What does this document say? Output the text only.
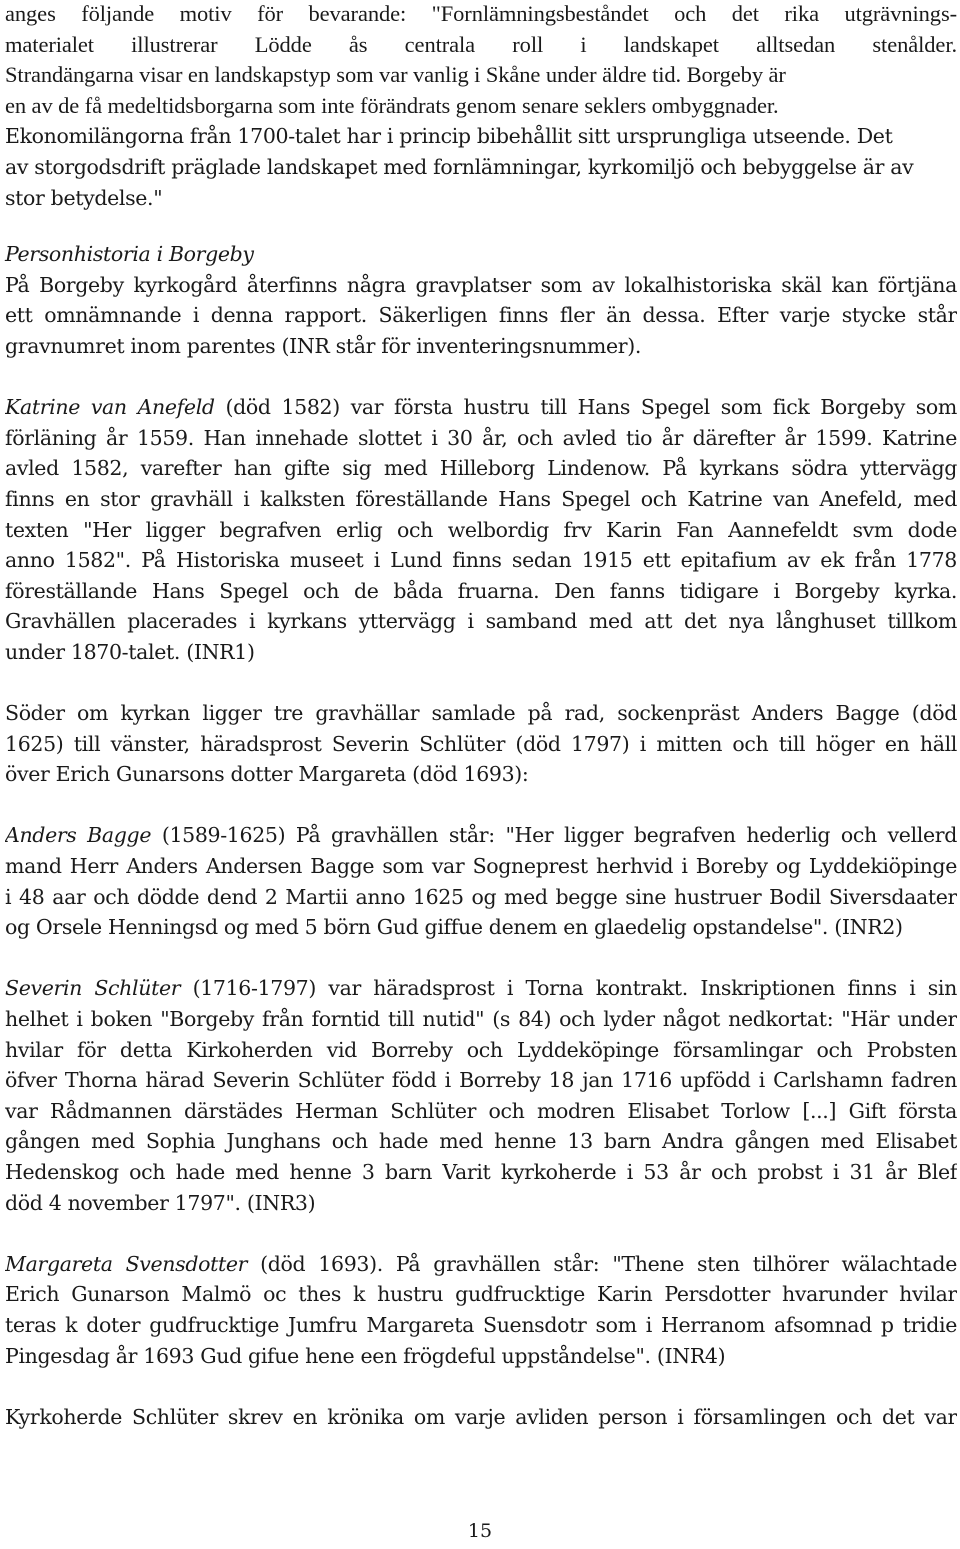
anges följande motiv för bevarande: "Fornlämningsbeståndet och det rika utgrävnings-
materialet illustrerar Lödde ås centrala roll i landskapet alltsedan stenålder.
Strandängarna visar en landskapstyp som var vanlig i Skåne under äldre tid. Borgeby är
en av de få medeltidsborgarna som inte förändrats genom senare seklers ombyggnader.
Ekonomilängorna från 1700-talet har i princip bibehållit sitt ursprungliga utseende. Det
av storgodsdrift präglade landskapet med fornlämningar, kyrkomiljö och bebyggelse är av
stor betydelse."
Personhistoria i Borgeby
På Borgeby kyrkogård återfinns några gravplatser som av lokalhistoriska skäl kan förtjäna
ett omnämnande i denna rapport. Säkerligen finns fler än dessa. Efter varje stycke står
gravnumret inom parentes (INR står för inventeringsnummer).
Katrine van Anefeld (död 1582) var första hustru till Hans Spegel som fick Borgeby som
förläning år 1559. Han innehade slottet i 30 år, och avled tio år därefter år 1599. Katrine
avled 1582, varefter han gifte sig med Hilleborg Lindenow. På kyrkans södra yttervägg
finns en stor gravhäll i kalksten föreställande Hans Spegel och Katrine van Anefeld, med
texten "Her ligger begrafven erlig och welbordig frv Karin Fan Aannefeldt svm dode
anno 1582". På Historiska museet i Lund finns sedan 1915 ett epitafium av ek från 1778
föreställande Hans Spegel och de båda fruarna. Den fanns tidigare i Borgeby kyrka.
Gravhällen placerades i kyrkans yttervägg i samband med att det nya långhuset tillkom
under 1870-talet. (INR1)
Söder om kyrkan ligger tre gravhällar samlade på rad, sockenpräst Anders Bagge (död
1625) till vänster, häradsprost Severin Schlüter (död 1797) i mitten och till höger en häll
över Erich Gunarsons dotter Margareta (död 1693):
Anders Bagge (1589-1625) På gravhällen står: "Her ligger begrafven hederlig och vellerd
mand Herr Anders Andersen Bagge som var Sogneprest herhvid i Boreby og Lyddekiöpinge
i 48 aar och dödde dend 2 Martii anno 1625 og med begge sine hustruer Bodil Siversdaater
og Orsele Henningsd og med 5 börn Gud giffue denem en glaedelig opstandelse". (INR2)
Severin Schlüter (1716-1797) var häradsprost i Torna kontrakt. Inskriptionen finns i sin
helhet i boken "Borgeby från forntid till nutid" (s 84) och lyder något nedkortat: "Här under
hvilar för detta Kirkoherden vid Borreby och Lyddeköpinge församlingar och Probsten
öfver Thorna härad Severin Schlüter född i Borreby 18 jan 1716 upfödd i Carlshamn fadren
var Rådmannen därstädes Herman Schlüter och modren Elisabet Torlow [...] Gift första
gången med Sophia Junghans och hade med henne 13 barn Andra gången med Elisabet
Hedenskog och hade med henne 3 barn Varit kyrkoherde i 53 år och probst i 31 år Blef
död 4 november 1797". (INR3)
Margareta Svensdotter (död 1693). På gravhällen står: "Thene sten tilhörer wälachtade
Erich Gunarson Malmö oc thes k hustru gudfrucktige Karin Persdotter hvarunder hvilar
teras k doter gudfrucktige Jumfru Margareta Suensdotr som i Herranom afsomnad p tridie
Pingesdag år 1693 Gud gifue hene een frögdeful uppståndelse". (INR4)
Kyrkoherde Schlüter skrev en krönika om varje avliden person i församlingen och det var
15
